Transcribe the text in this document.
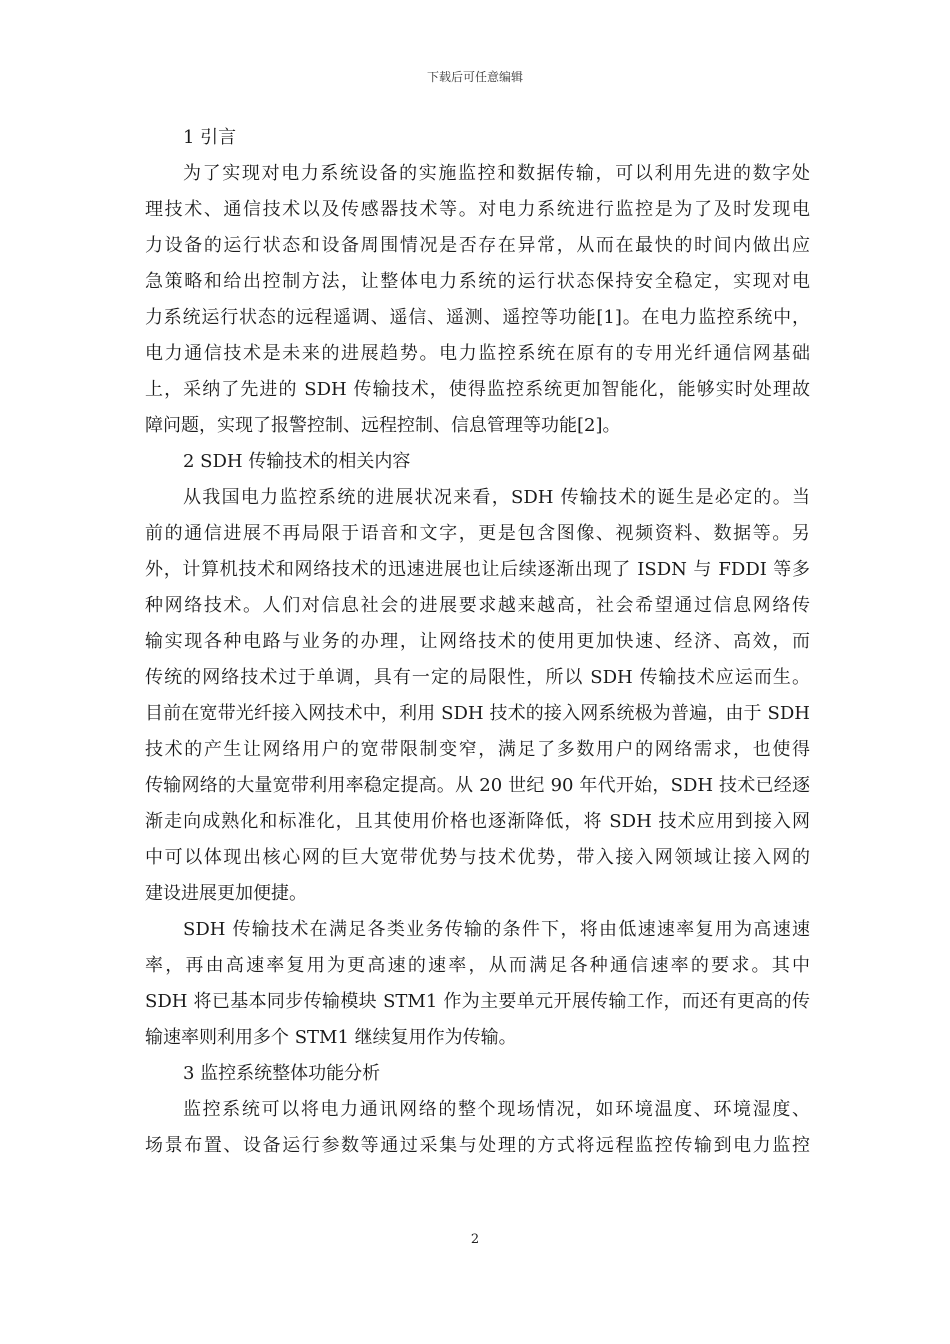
下载后可任意编辑
1 引言
为了实现对电力系统设备的实施监控和数据传输，可以利用先进的数字处
理技术、通信技术以及传感器技术等。对电力系统进行监控是为了及时发现电
力设备的运行状态和设备周围情况是否存在异常，从而在最快的时间内做出应
急策略和给出控制方法，让整体电力系统的运行状态保持安全稳定，实现对电
力系统运行状态的远程遥调、遥信、遥测、遥控等功能[1]。在电力监控系统中，
电力通信技术是未来的进展趋势。电力监控系统在原有的专用光纤通信网基础
上，采纳了先进的 SDH 传输技术，使得监控系统更加智能化，能够实时处理故
障问题，实现了报警控制、远程控制、信息管理等功能[2]。
2 SDH 传输技术的相关内容
从我国电力监控系统的进展状况来看，SDH 传输技术的诞生是必定的。当
前的通信进展不再局限于语音和文字，更是包含图像、视频资料、数据等。另
外，计算机技术和网络技术的迅速进展也让后续逐渐出现了 ISDN 与 FDDI 等多
种网络技术。人们对信息社会的进展要求越来越高，社会希望通过信息网络传
输实现各种电路与业务的办理，让网络技术的使用更加快速、经济、高效，而
传统的网络技术过于单调，具有一定的局限性，所以 SDH 传输技术应运而生。
目前在宽带光纤接入网技术中，利用 SDH 技术的接入网系统极为普遍，由于 SDH
技术的产生让网络用户的宽带限制变窄，满足了多数用户的网络需求，也使得
传输网络的大量宽带利用率稳定提高。从 20 世纪 90 年代开始，SDH 技术已经逐
渐走向成熟化和标准化，且其使用价格也逐渐降低，将 SDH 技术应用到接入网
中可以体现出核心网的巨大宽带优势与技术优势，带入接入网领域让接入网的
建设进展更加便捷。
SDH 传输技术在满足各类业务传输的条件下，将由低速速率复用为高速速
率，再由高速率复用为更高速的速率，从而满足各种通信速率的要求。其中
SDH 将已基本同步传输模块 STM1 作为主要单元开展传输工作，而还有更高的传
输速率则利用多个 STM1 继续复用作为传输。
3 监控系统整体功能分析
监控系统可以将电力通讯网络的整个现场情况，如环境温度、环境湿度、
场景布置、设备运行参数等通过采集与处理的方式将远程监控传输到电力监控
2
